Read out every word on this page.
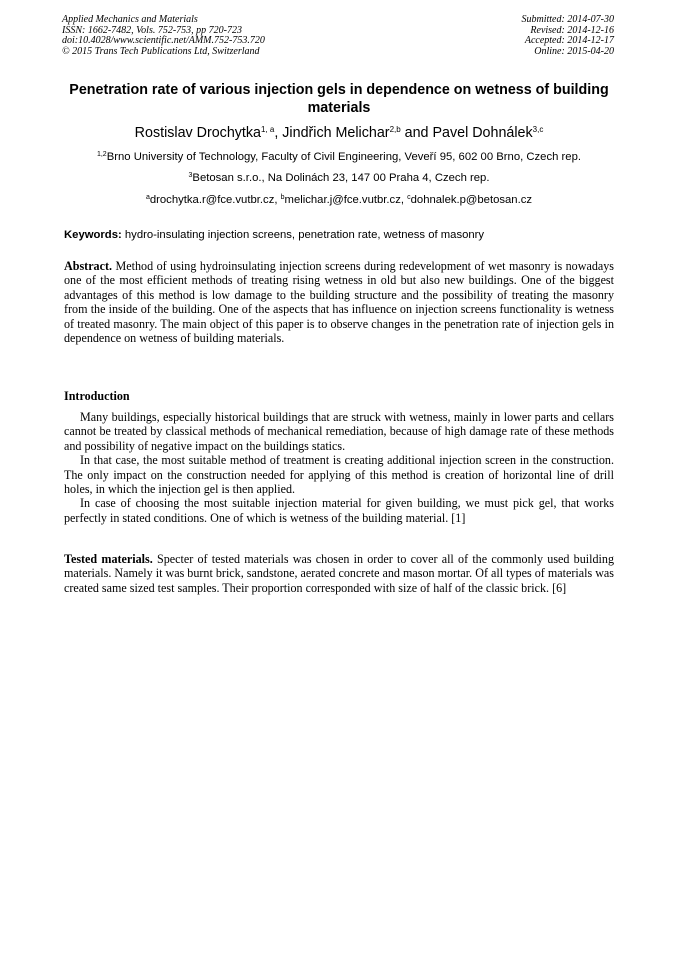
Applied Mechanics and Materials
ISSN: 1662-7482, Vols. 752-753, pp 720-723
doi:10.4028/www.scientific.net/AMM.752-753.720
© 2015 Trans Tech Publications Ltd, Switzerland
Submitted: 2014-07-30
Revised: 2014-12-16
Accepted: 2014-12-17
Online: 2015-04-20
Penetration rate of various injection gels in dependence on wetness of building materials
Rostislav Drochytka$^{1, a}$, Jindřich Melichar$^{2,b}$ and Pavel Dohnálek$^{3,c}$
$^{1,2}$Brno University of Technology, Faculty of Civil Engineering, Veveří 95, 602 00 Brno, Czech rep.
$^3$Betosan s.r.o., Na Dolinách 23, 147 00 Praha 4, Czech rep.
$^a$drochytka.r@fce.vutbr.cz, $^b$melichar.j@fce.vutbr.cz, $^c$dohnalek.p@betosan.cz
Keywords: hydro-insulating injection screens, penetration rate, wetness of masonry
Abstract. Method of using hydroinsulating injection screens during redevelopment of wet masonry is nowadays one of the most efficient methods of treating rising wetness in old but also new buildings. One of the biggest advantages of this method is low damage to the building structure and the possibility of treating the masonry from the inside of the building. One of the aspects that has influence on injection screens functionality is wetness of treated masonry. The main object of this paper is to observe changes in the penetration rate of injection gels in dependence on wetness of building materials.
Introduction

Many buildings, especially historical buildings that are struck with wetness, mainly in lower parts and cellars cannot be treated by classical methods of mechanical remediation, because of high damage rate of these methods and possibility of negative impact on the buildings statics.

In that case, the most suitable method of treatment is creating additional injection screen in the construction. The only impact on the construction needed for applying of this method is creation of horizontal line of drill holes, in which the injection gel is then applied.

In case of choosing the most suitable injection material for given building, we must pick gel, that works perfectly in stated conditions. One of which is wetness of the building material. [1]

Tested materials. Specter of tested materials was chosen in order to cover all of the commonly used building materials. Namely it was burnt brick, sandstone, aerated concrete and mason mortar. Of all types of materials was created same sized test samples. Their proportion corresponded with size of half of the classic brick. [6]
